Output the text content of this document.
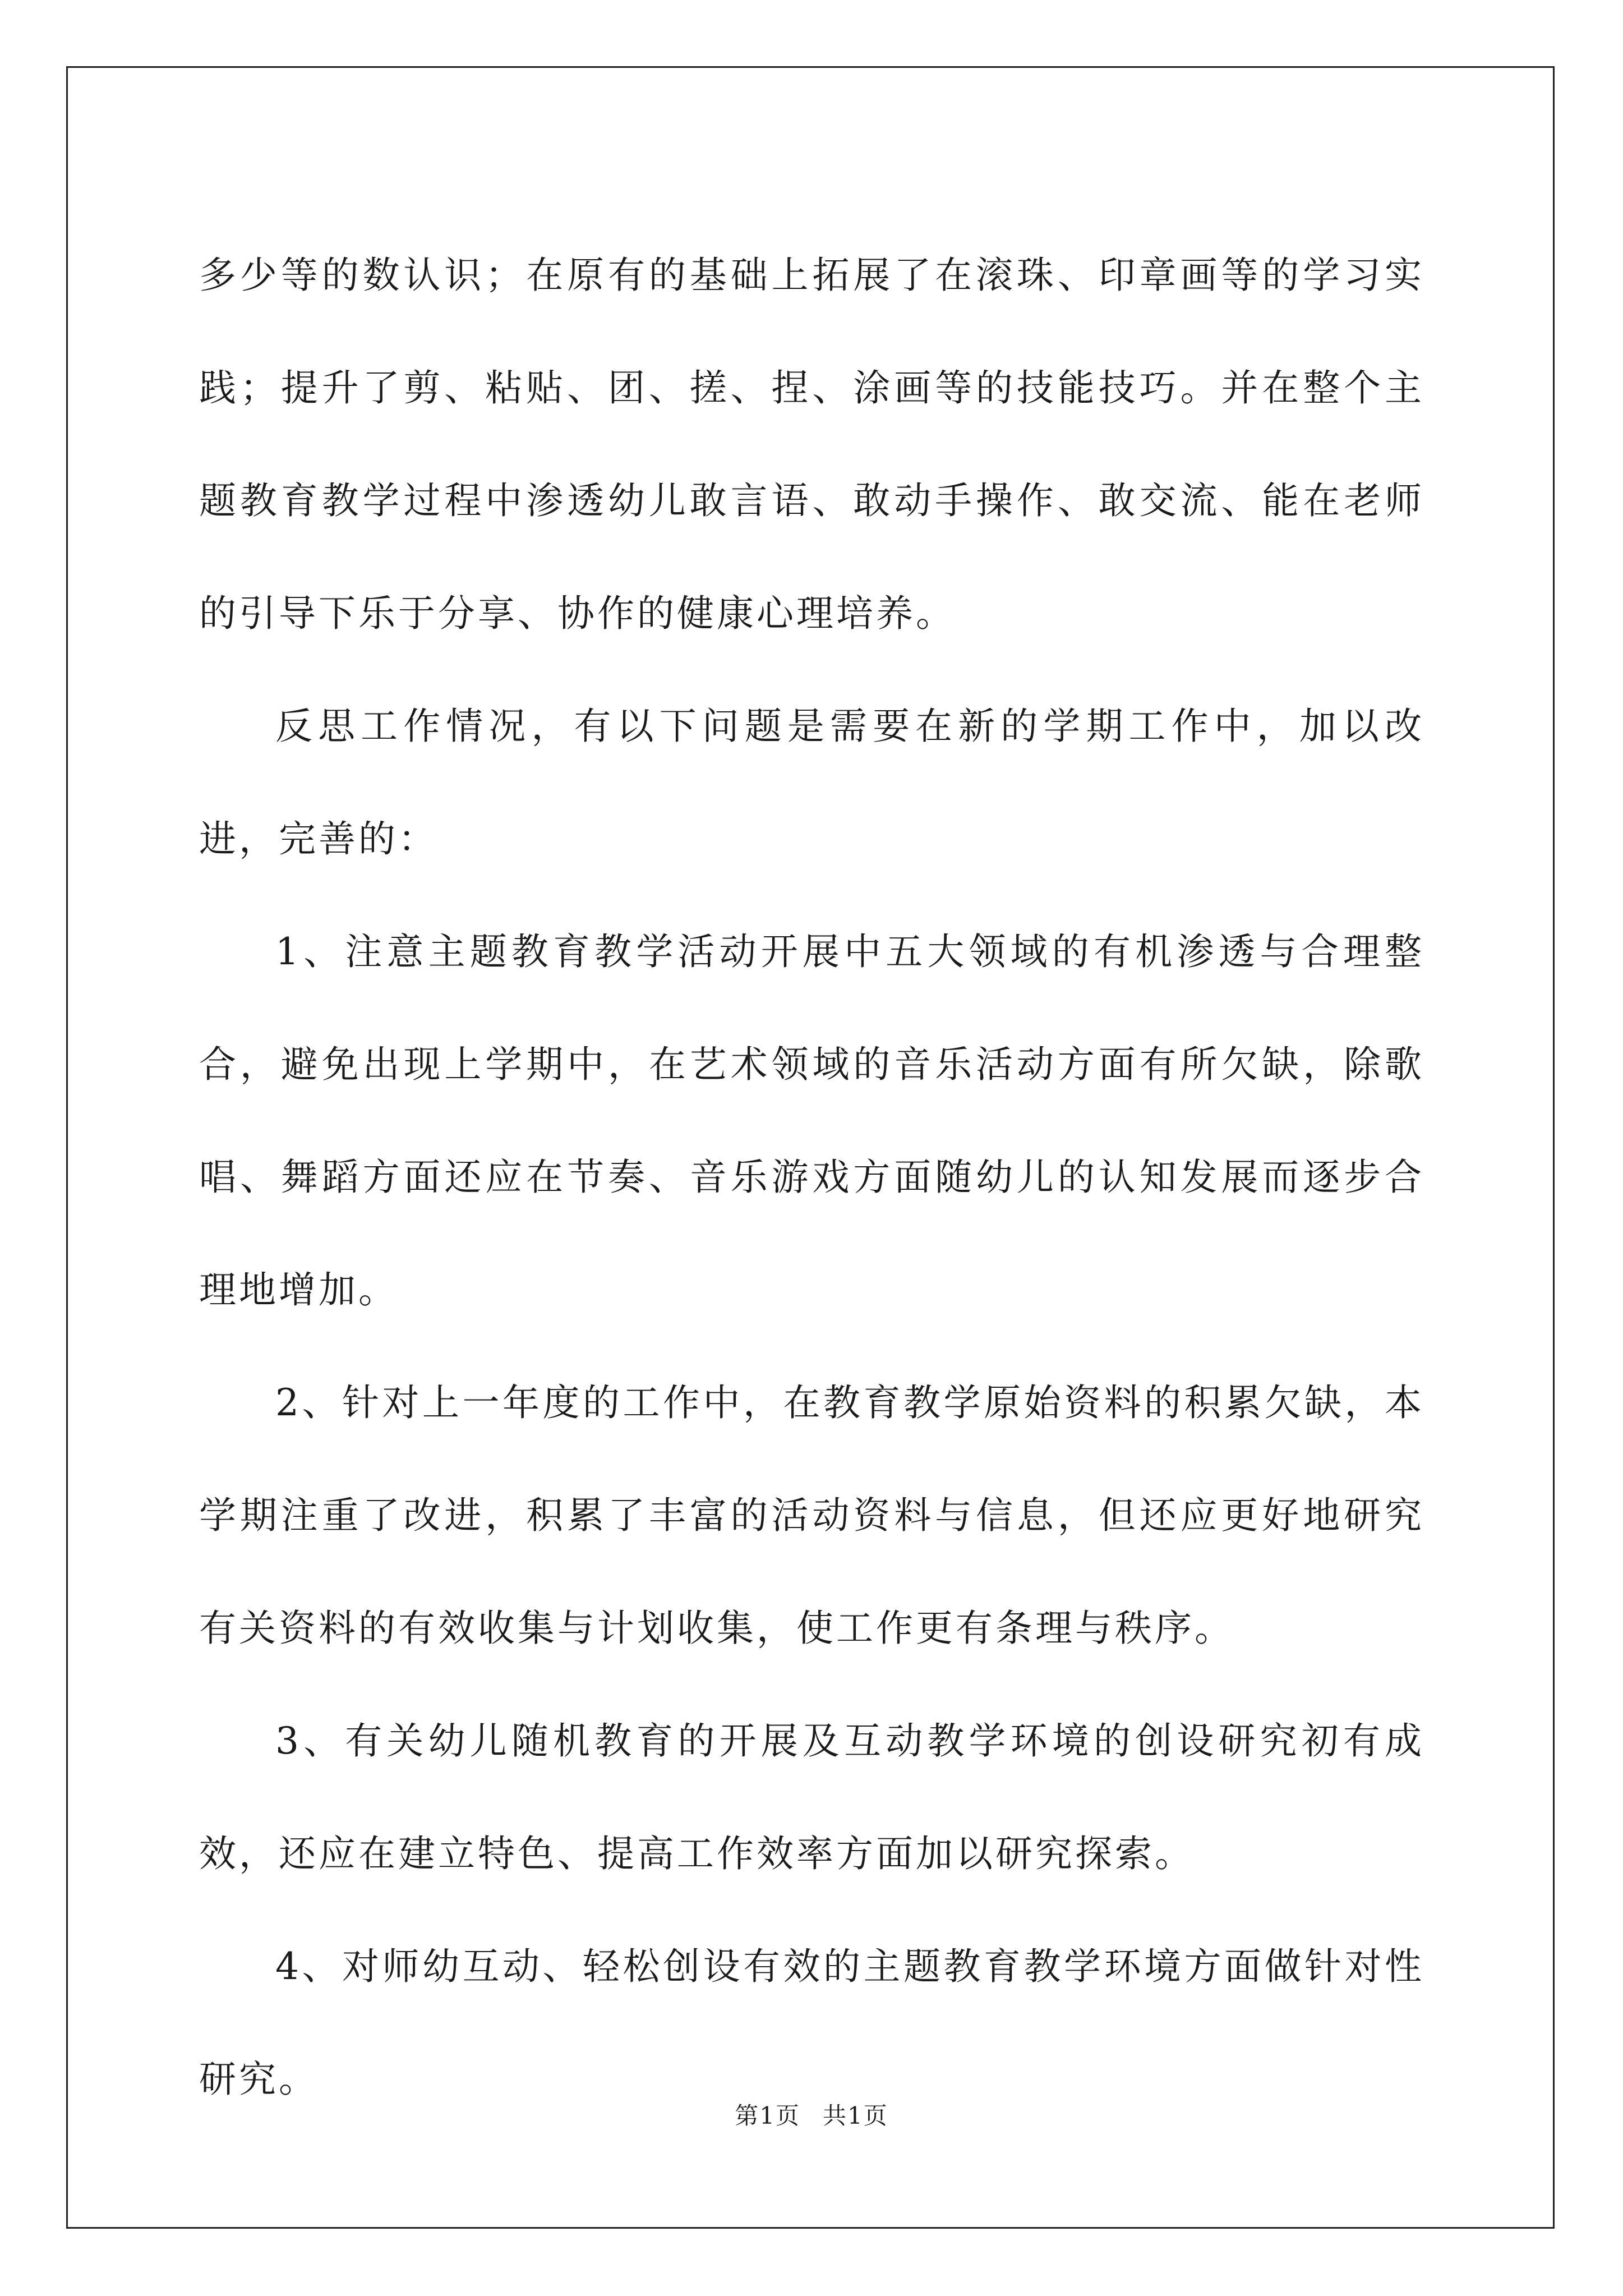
多少等的数认识；在原有的基础上拓展了在滚珠、印章画等的学习实践；提升了剪、粘贴、团、搓、捏、涂画等的技能技巧。并在整个主题教育教学过程中渗透幼儿敢言语、敢动手操作、敢交流、能在老师的引导下乐于分享、协作的健康心理培养。

反思工作情况，有以下问题是需要在新的学期工作中，加以改进，完善的：

1、注意主题教育教学活动开展中五大领域的有机渗透与合理整合，避免出现上学期中，在艺术领域的音乐活动方面有所欠缺，除歌唱、舞蹈方面还应在节奏、音乐游戏方面随幼儿的认知发展而逐步合理地增加。

2、针对上一年度的工作中，在教育教学原始资料的积累欠缺，本学期注重了改进，积累了丰富的活动资料与信息，但还应更好地研究有关资料的有效收集与计划收集，使工作更有条理与秩序。

3、有关幼儿随机教育的开展及互动教学环境的创设研究初有成效，还应在建立特色、提高工作效率方面加以研究探索。

4、对师幼互动、轻松创设有效的主题教育教学环境方面做针对性研究。

第1页 共1页
